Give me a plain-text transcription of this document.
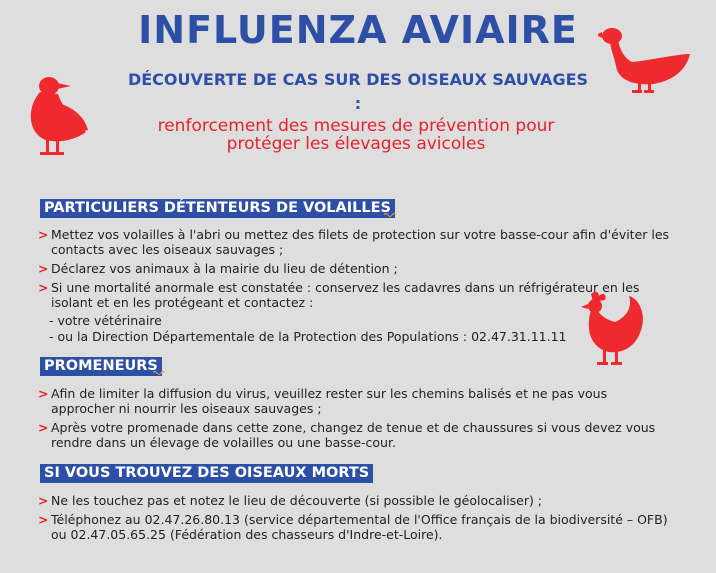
INFLUENZA AVIAIRE
DÉCOUVERTE DE CAS SUR DES OISEAUX SAUVAGES
:
renforcement des mesures de prévention pour protéger les élevages avicoles
PARTICULIERS DÉTENTEURS DE VOLAILLES
> Mettez vos volailles à l'abri ou mettez des filets de protection sur votre basse-cour afin d'éviter les contacts avec les oiseaux sauvages ;
> Déclarez vos animaux à la mairie du lieu de détention ;
> Si une mortalité anormale est constatée : conservez les cadavres dans un réfrigérateur en les isolant et en les protégeant et contactez :
- votre vétérinaire
- ou la Direction Départementale de la Protection des Populations : 02.47.31.11.11
PROMENEURS
> Afin de limiter la diffusion du virus, veuillez rester sur les chemins balisés et ne pas vous approcher ni nourrir les oiseaux sauvages ;
> Après votre promenade dans cette zone, changez de tenue et de chaussures si vous devez vous rendre dans un élevage de volailles ou une basse-cour.
SI VOUS TROUVEZ DES OISEAUX MORTS
> Ne les touchez pas et notez le lieu de découverte (si possible le géolocaliser) ;
> Téléphonez au 02.47.26.80.13 (service départemental de l'Office français de la biodiversité – OFB) ou 02.47.05.65.25 (Fédération des chasseurs d'Indre-et-Loire).
